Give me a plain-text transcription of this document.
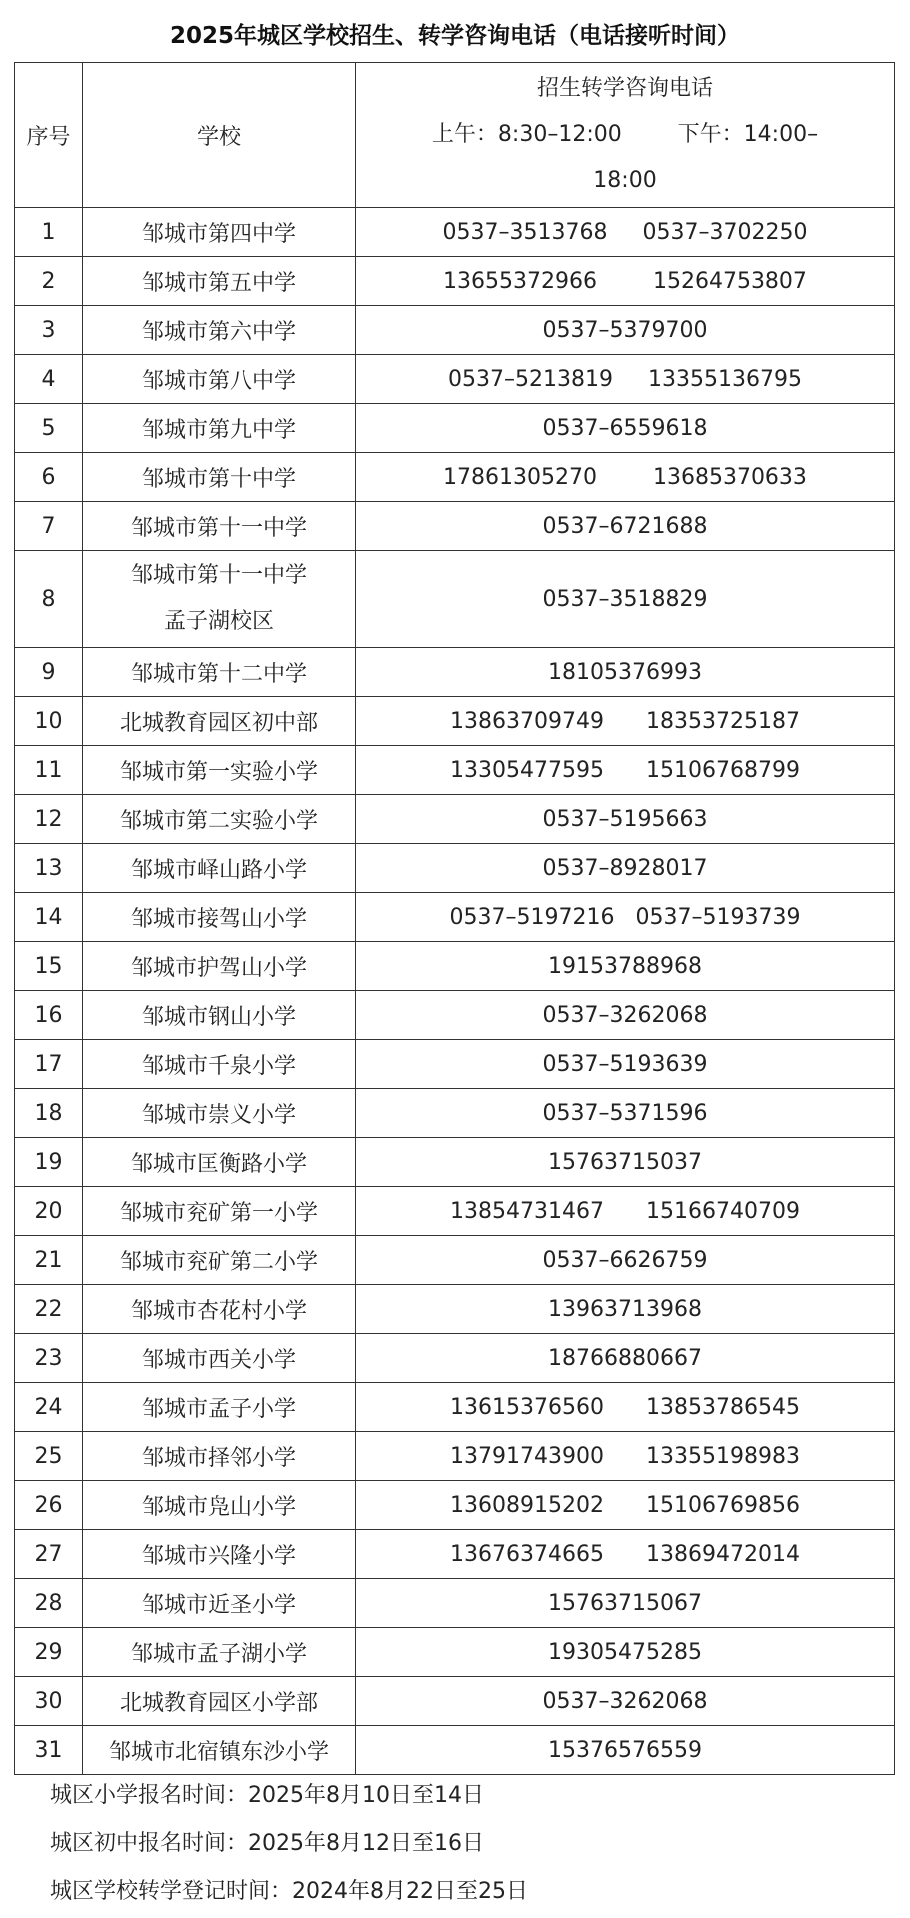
2025年城区学校招生、转学咨询电话（电话接听时间）
序号	学校	招生转学咨询电话
上午：8:30–12:00        下午：14:00–
18:00

1	邹城市第四中学	0537–3513768     0537–3702250
2	邹城市第五中学	13655372966        15264753807
3	邹城市第六中学	0537–5379700
4	邹城市第八中学	0537–5213819     13355136795
5	邹城市第九中学	0537–6559618
6	邹城市第十中学	17861305270        13685370633
7	邹城市第十一中学	0537–6721688
8	邹城市第十一中学
孟子湖校区	0537–3518829
9	邹城市第十二中学	18105376993
10	北城教育园区初中部	13863709749      18353725187
11	邹城市第一实验小学	13305477595      15106768799
12	邹城市第二实验小学	0537–5195663
13	邹城市峄山路小学	0537–8928017
14	邹城市接驾山小学	0537–5197216   0537–5193739
15	邹城市护驾山小学	19153788968
16	邹城市钢山小学	0537–3262068
17	邹城市千泉小学	0537–5193639
18	邹城市崇义小学	0537–5371596
19	邹城市匡衡路小学	15763715037
20	邹城市兖矿第一小学	13854731467      15166740709
21	邹城市兖矿第二小学	0537–6626759
22	邹城市杏花村小学	13963713968
23	邹城市西关小学	18766880667
24	邹城市孟子小学	13615376560      13853786545
25	邹城市择邻小学	13791743900      13355198983
26	邹城市凫山小学	13608915202      15106769856
27	邹城市兴隆小学	13676374665      13869472014
28	邹城市近圣小学	15763715067
29	邹城市孟子湖小学	19305475285
30	北城教育园区小学部	0537–3262068
31	邹城市北宿镇东沙小学	15376576559
城区小学报名时间：2025年8月10日至14日
城区初中报名时间：2025年8月12日至16日
城区学校转学登记时间：2024年8月22日至25日
